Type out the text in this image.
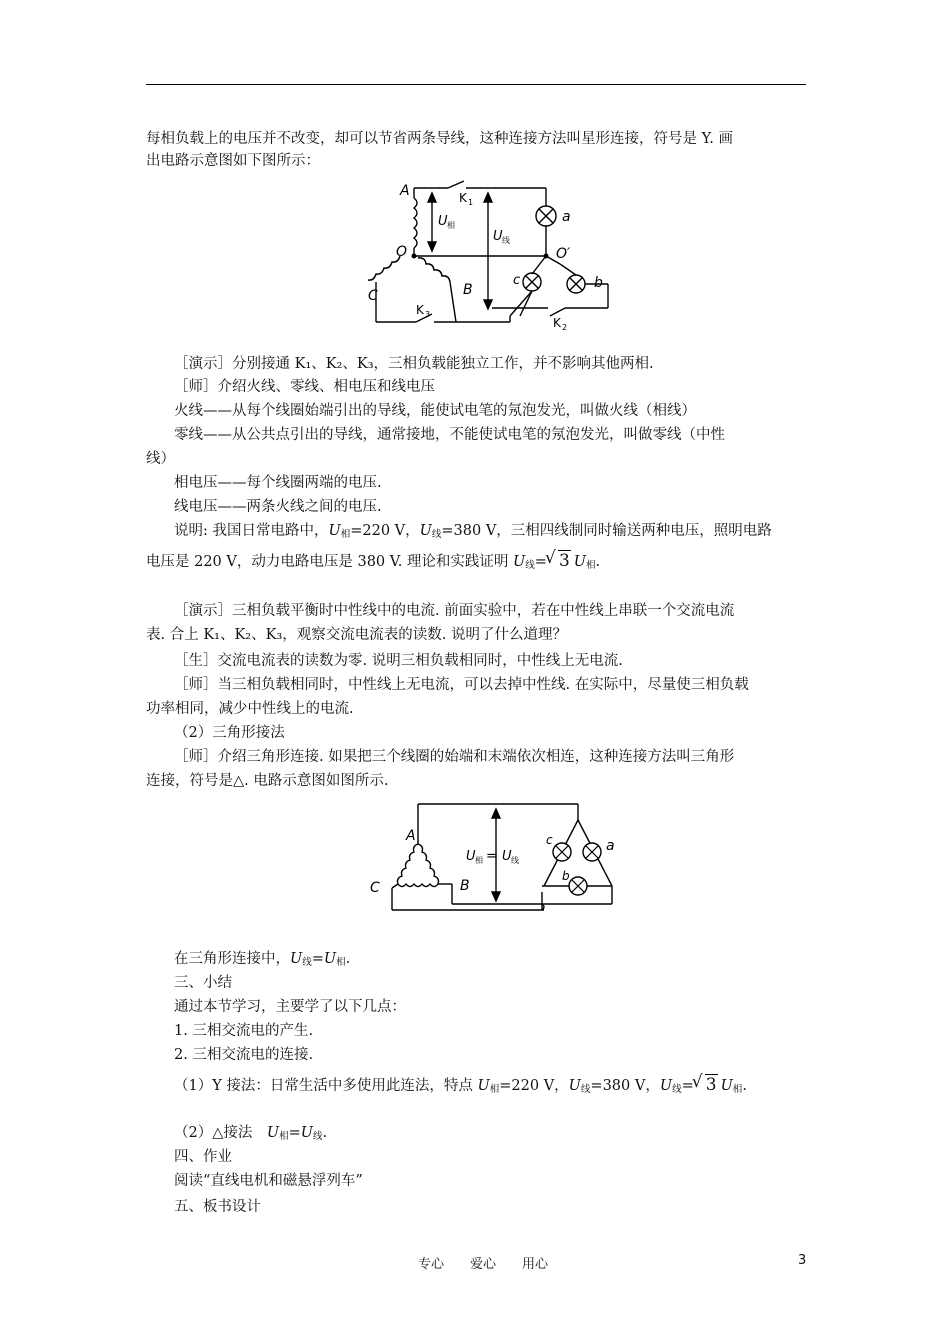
每相负载上的电压并不改变，却可以节省两条导线，这种连接方法叫星形连接，符号是 Y. 画
出电路示意图如下图所示：
A
B
C
O	O′
K 1
K 2
K 3
a
b
c
U 相
U 线
［演示］分别接通 K₁、K₂、K₃，三相负载能独立工作，并不影响其他两相.
［师］介绍火线、零线、相电压和线电压
火线——从每个线圈始端引出的导线，能使试电笔的氖泡发光，叫做火线（相线）
零线——从公共点引出的导线，通常接地，不能使试电笔的氖泡发光，叫做零线（中性
线）
相电压——每个线圈两端的电压.
线电压——两条火线之间的电压.
说明: 我国日常电路中，$U_相=220$ V，$U_线=380$ V，三相四线制同时输送两种电压，照明电路
电压是 220 V，动力电路电压是 380 V. 理论和实践证明 $U_线=√$ 3 $U_相$.
［演示］三相负载平衡时中性线中的电流. 前面实验中，若在中性线上串联一个交流电流
表. 合上 K₁、K₂、K₃，观察交流电流表的读数. 说明了什么道理？
［生］交流电流表的读数为零. 说明三相负载相同时，中性线上无电流.
［师］当三相负载相同时，中性线上无电流，可以去掉中性线. 在实际中，尽量使三相负载
功率相同，减少中性线上的电流.
（2）三角形接法
［师］介绍三角形连接. 如果把三个线圈的始端和末端依次相连，这种连接方法叫三角形
连接，符号是△. 电路示意图如图所示.
A
B
C
c	a
b
U 相 = U 线
在三角形连接中，$U_线=U_相$.
三、小结
通过本节学习，主要学了以下几点：
1. 三相交流电的产生.
2. 三相交流电的连接.
（1）Y 接法：日常生活中多使用此连法，特点 $U_相=220$ V，$U_线=380$ V，$U_线=√$ 3 $U_相$.
（2）△接法　$U_相=U_线$.
四、作业
阅读“直线电机和磁悬浮列车”
五、板书设计
专心　　爱心　　用心	3
